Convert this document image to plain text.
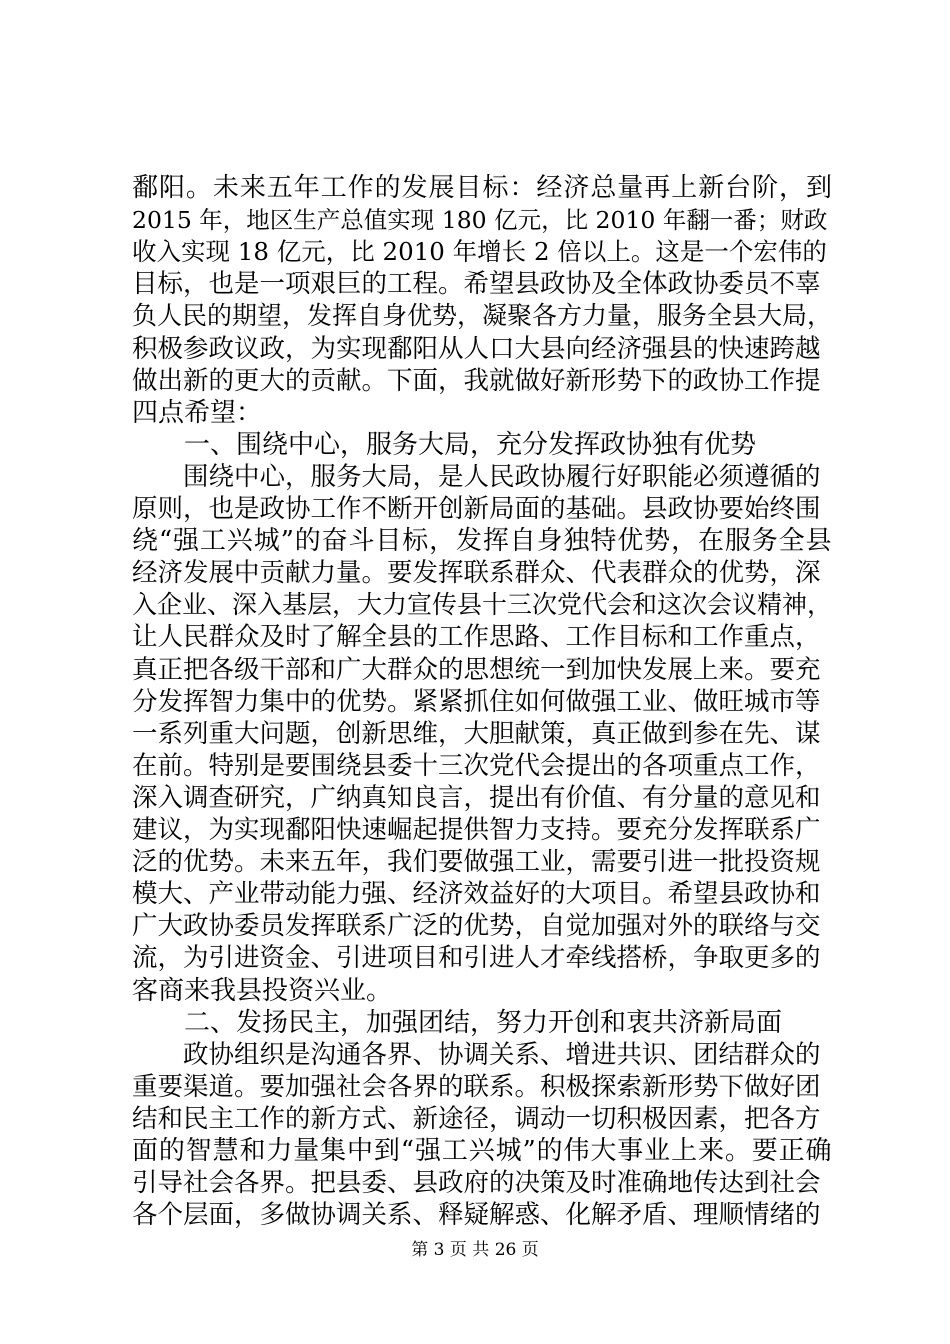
鄱阳。未来五年工作的发展目标：经济总量再上新台阶，到
2015 年，地区生产总值实现 180 亿元，比 2010 年翻一番；财政
收入实现 18 亿元，比 2010 年增长 2 倍以上。这是一个宏伟的
目标，也是一项艰巨的工程。希望县政协及全体政协委员不辜
负人民的期望，发挥自身优势，凝聚各方力量，服务全县大局，
积极参政议政，为实现鄱阳从人口大县向经济强县的快速跨越
做出新的更大的贡献。下面，我就做好新形势下的政协工作提
四点希望：
　　一、围绕中心，服务大局，充分发挥政协独有优势
　　围绕中心，服务大局，是人民政协履行好职能必须遵循的
原则，也是政协工作不断开创新局面的基础。县政协要始终围
绕“强工兴城”的奋斗目标，发挥自身独特优势，在服务全县
经济发展中贡献力量。要发挥联系群众、代表群众的优势，深
入企业、深入基层，大力宣传县十三次党代会和这次会议精神，
让人民群众及时了解全县的工作思路、工作目标和工作重点，
真正把各级干部和广大群众的思想统一到加快发展上来。要充
分发挥智力集中的优势。紧紧抓住如何做强工业、做旺城市等
一系列重大问题，创新思维，大胆献策，真正做到参在先、谋
在前。特别是要围绕县委十三次党代会提出的各项重点工作，
深入调查研究，广纳真知良言，提出有价值、有分量的意见和
建议，为实现鄱阳快速崛起提供智力支持。要充分发挥联系广
泛的优势。未来五年，我们要做强工业，需要引进一批投资规
模大、产业带动能力强、经济效益好的大项目。希望县政协和
广大政协委员发挥联系广泛的优势，自觉加强对外的联络与交
流，为引进资金、引进项目和引进人才牵线搭桥，争取更多的
客商来我县投资兴业。
　　二、发扬民主，加强团结，努力开创和衷共济新局面
　　政协组织是沟通各界、协调关系、增进共识、团结群众的
重要渠道。要加强社会各界的联系。积极探索新形势下做好团
结和民主工作的新方式、新途径，调动一切积极因素，把各方
面的智慧和力量集中到“强工兴城”的伟大事业上来。要正确
引导社会各界。把县委、县政府的决策及时准确地传达到社会
各个层面，多做协调关系、释疑解惑、化解矛盾、理顺情绪的
第 3 页 共 26 页
